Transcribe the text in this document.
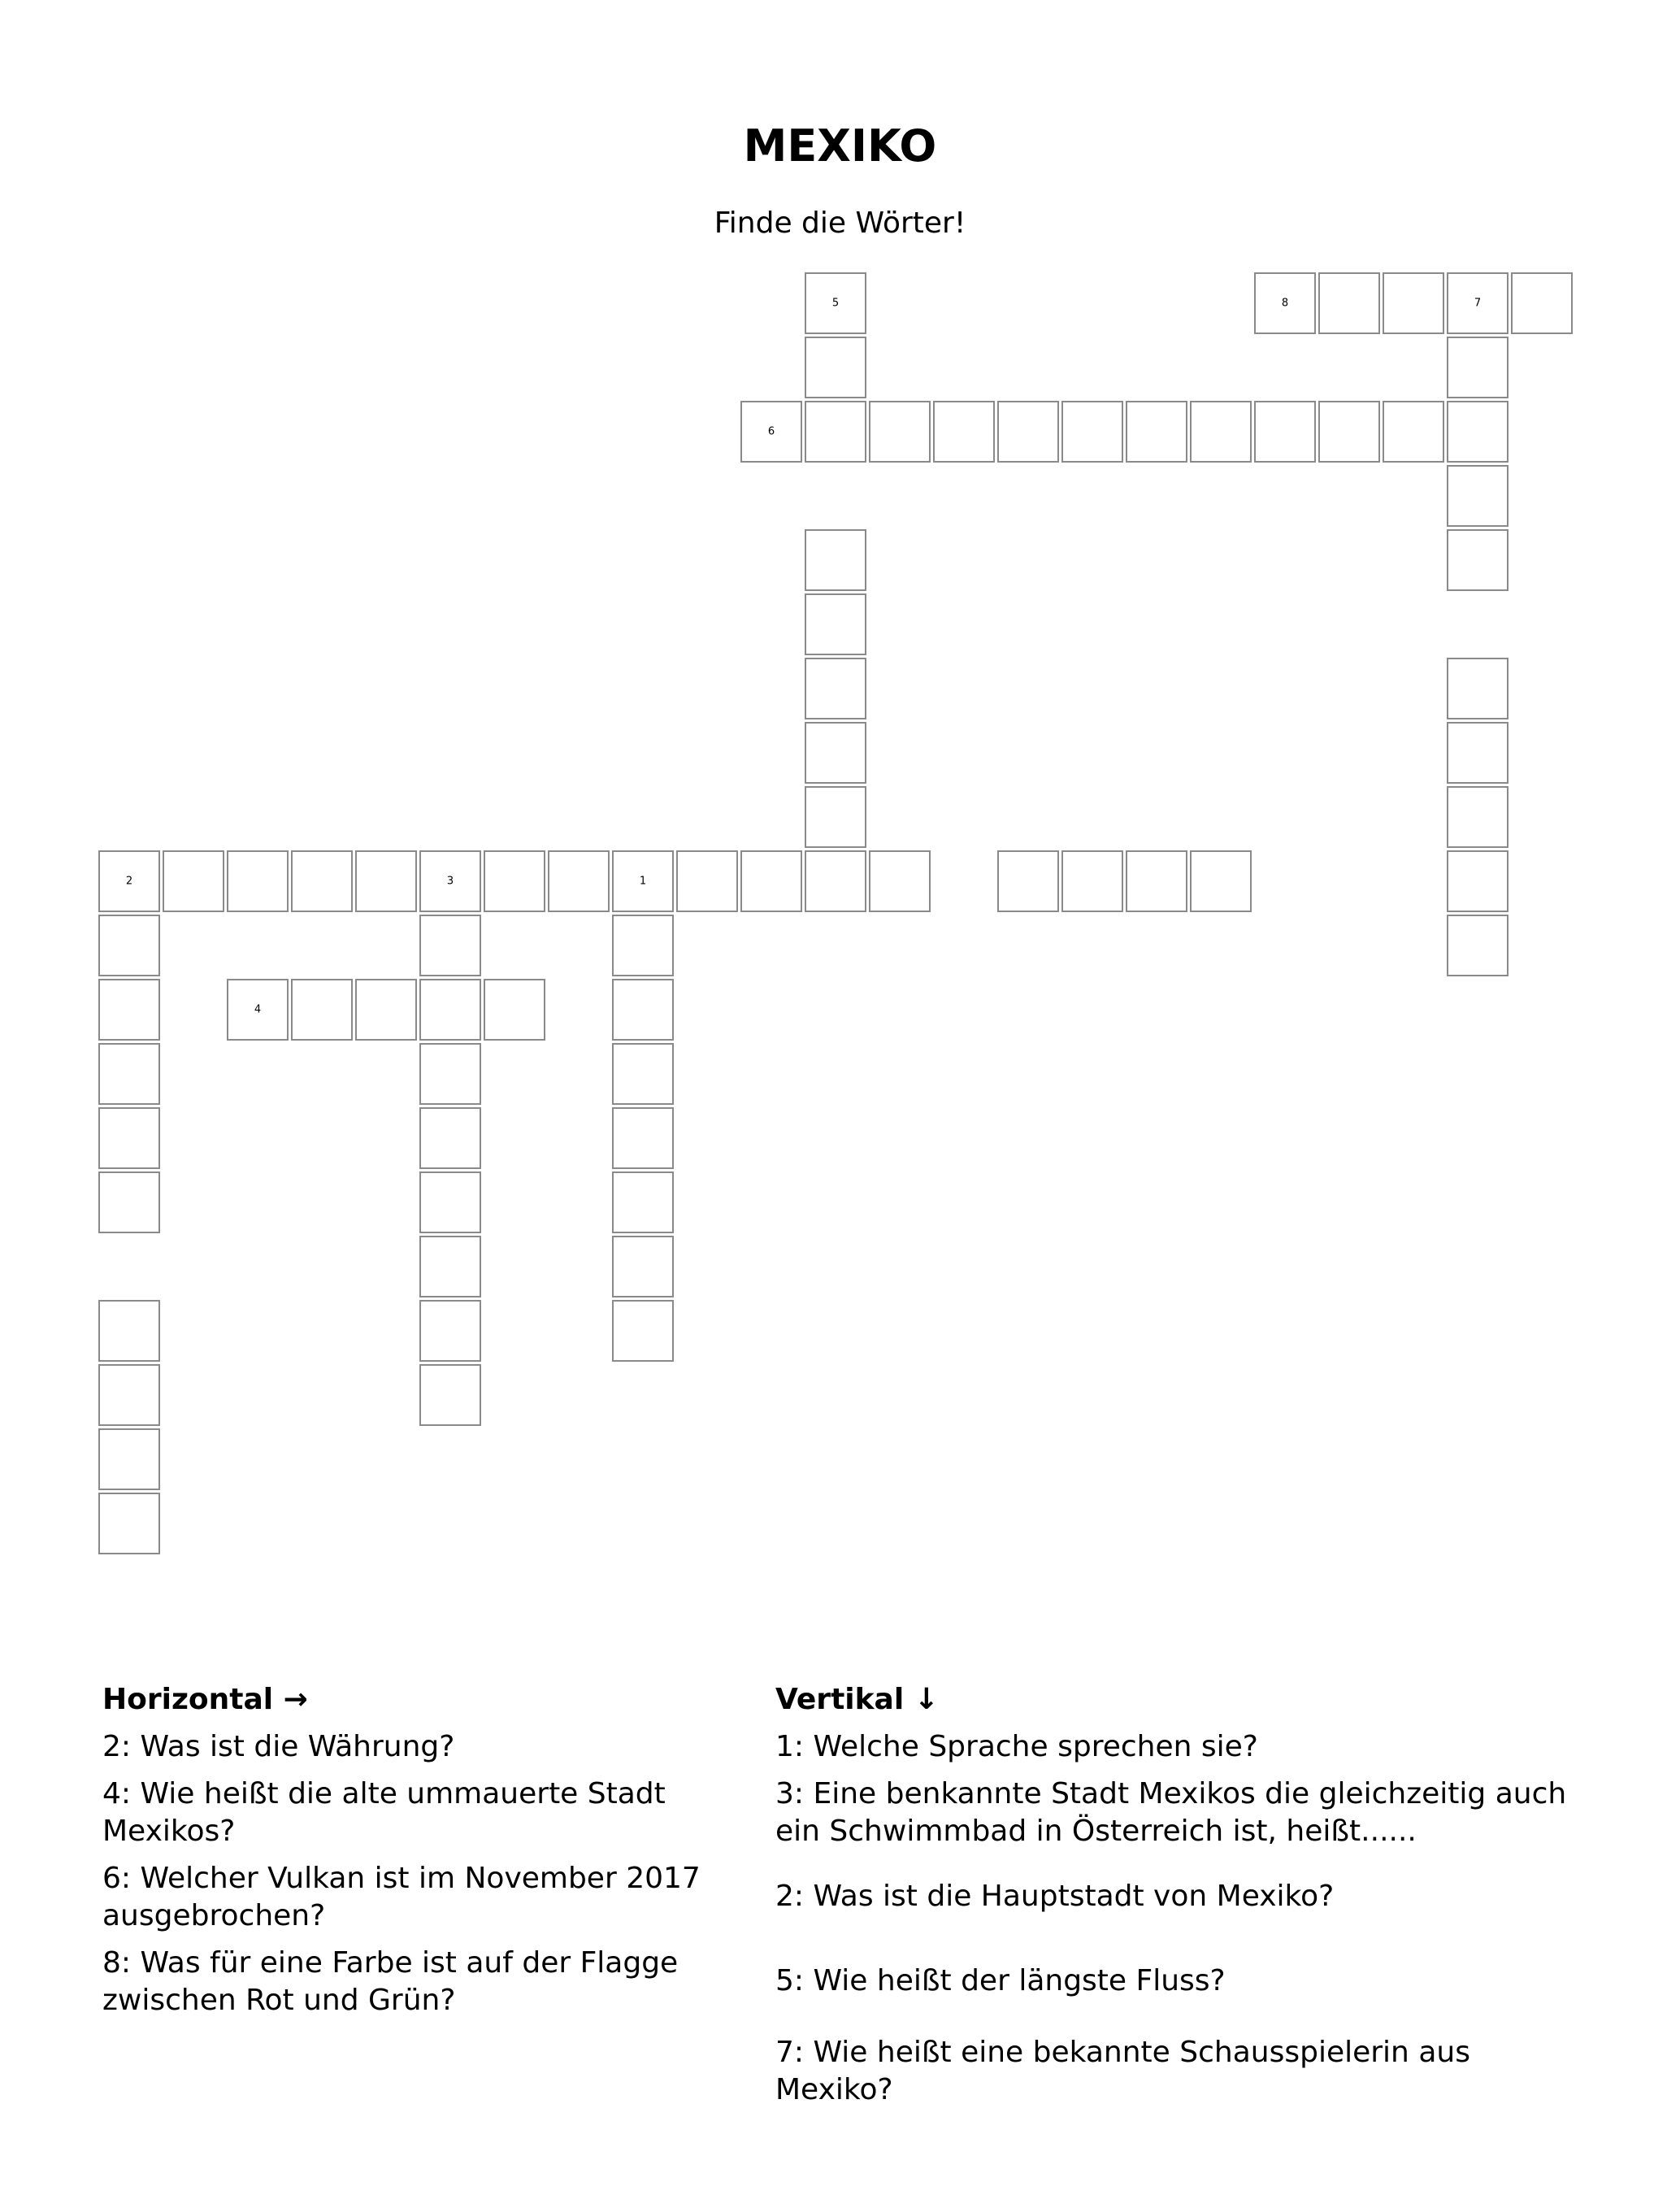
MEXIKO
Finde die Wörter!
5	8	7
6
2	3	1
4
Horizontal →
2: Was ist die Währung?
4: Wie heißt die alte ummauerte Stadt Mexikos?
6: Welcher Vulkan ist im November 2017 ausgebrochen?
8: Was für eine Farbe ist auf der Flagge zwischen Rot und Grün?
Vertikal ↓
1: Welche Sprache sprechen sie?
3: Eine benkannte Stadt Mexikos die gleichzeitig auch ein Schwimmbad in Österreich ist, heißt......
2: Was ist die Hauptstadt von Mexiko?
5: Wie heißt der längste Fluss?
7: Wie heißt eine bekannte Schausspielerin aus Mexiko?
